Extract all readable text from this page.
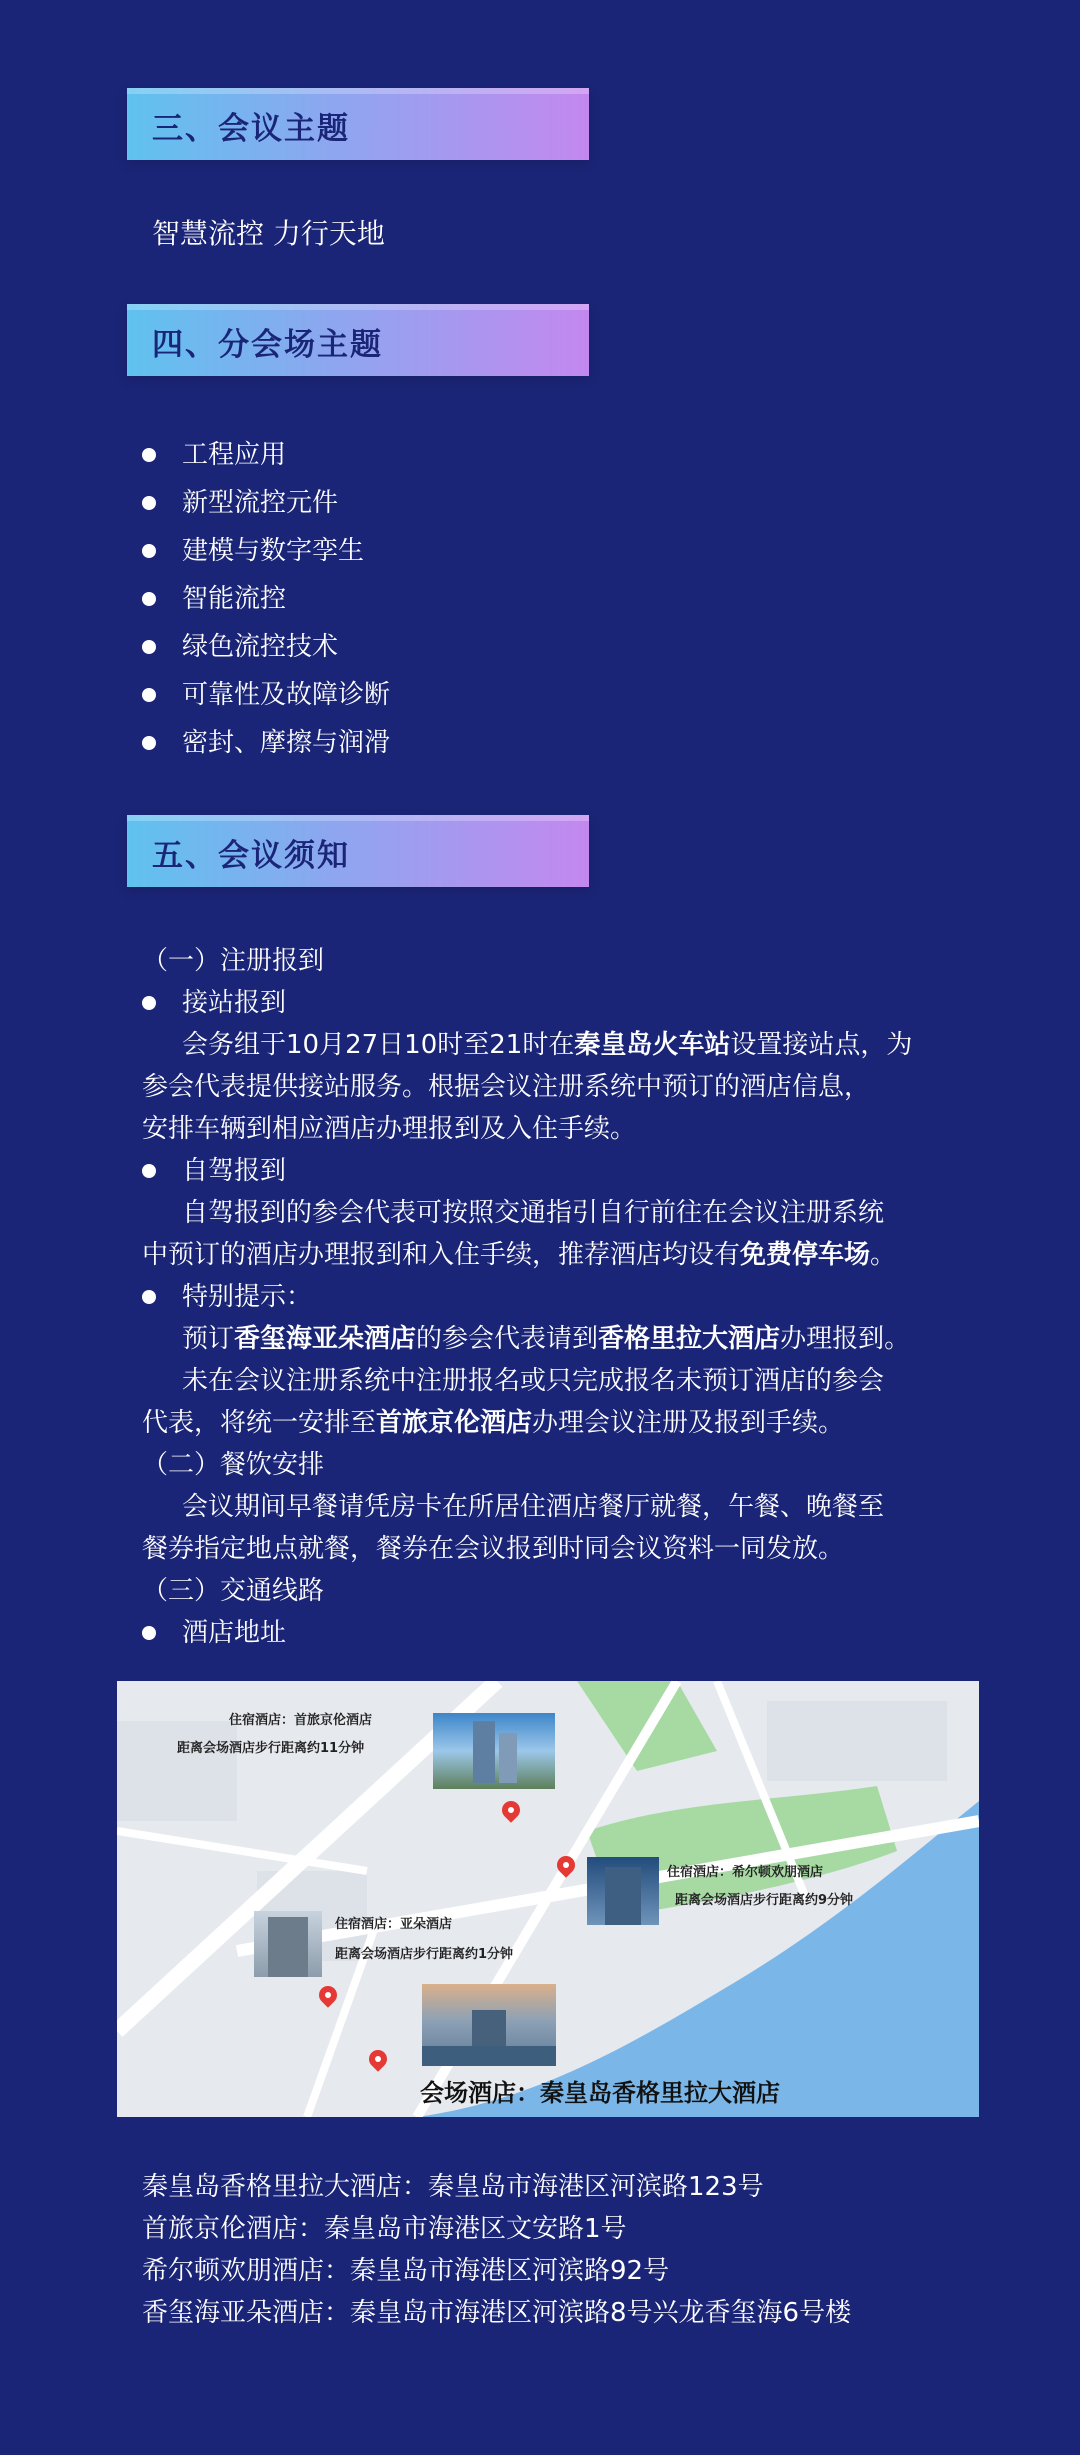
三、会议主题
智慧流控 力行天地
四、分会场主题
工程应用
新型流控元件
建模与数字孪生
智能流控
绿色流控技术
可靠性及故障诊断
密封、摩擦与润滑
五、会议须知
（一）注册报到
接站报到
会务组于10月27日10时至21时在秦皇岛火车站设置接站点，为
参会代表提供接站服务。根据会议注册系统中预订的酒店信息，
安排车辆到相应酒店办理报到及入住手续。
自驾报到
自驾报到的参会代表可按照交通指引自行前往在会议注册系统
中预订的酒店办理报到和入住手续，推荐酒店均设有免费停车场。
特别提示：
预订香玺海亚朵酒店的参会代表请到香格里拉大酒店办理报到。
未在会议注册系统中注册报名或只完成报名未预订酒店的参会
代表，将统一安排至首旅京伦酒店办理会议注册及报到手续。
（二）餐饮安排
会议期间早餐请凭房卡在所居住酒店餐厅就餐，午餐、晚餐至
餐券指定地点就餐，餐券在会议报到时同会议资料一同发放。
（三）交通线路
酒店地址
住宿酒店：首旅京伦酒店
距离会场酒店步行距离约11分钟
住宿酒店：希尔顿欢朋酒店
距离会场酒店步行距离约9分钟
住宿酒店：亚朵酒店
距离会场酒店步行距离约1分钟
会场酒店：秦皇岛香格里拉大酒店
秦皇岛香格里拉大酒店：秦皇岛市海港区河滨路123号
首旅京伦酒店：秦皇岛市海港区文安路1号
希尔顿欢朋酒店：秦皇岛市海港区河滨路92号
香玺海亚朵酒店：秦皇岛市海港区河滨路8号兴龙香玺海6号楼
